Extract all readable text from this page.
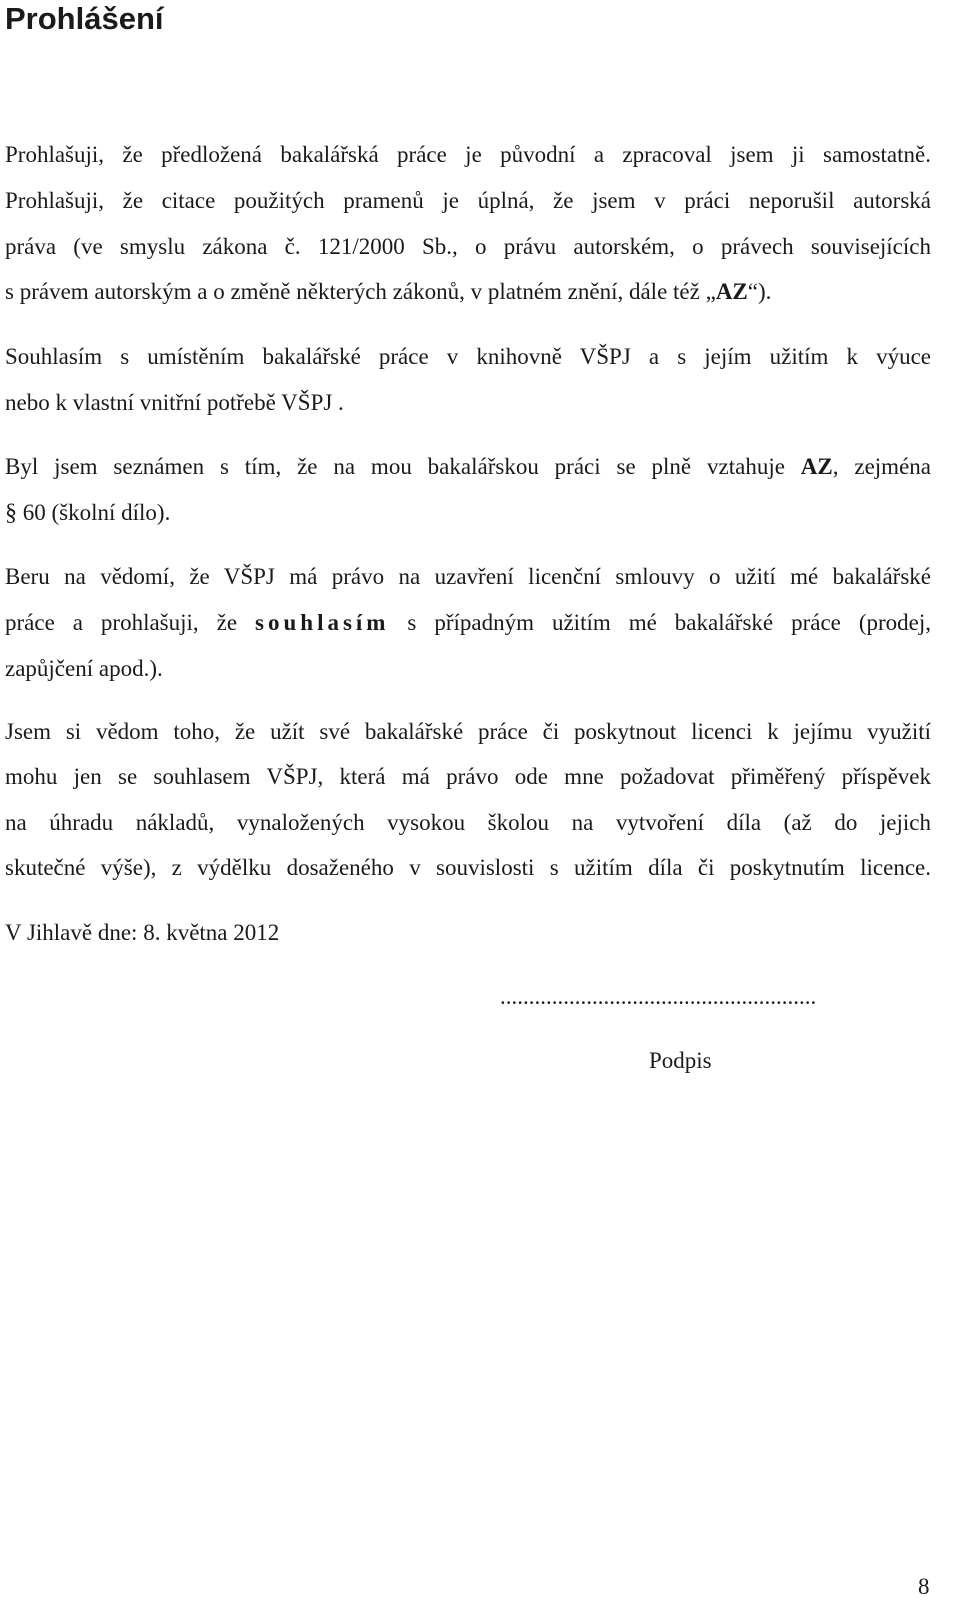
Prohlášení
Prohlašuji, že předložená bakalářská práce je původní a zpracoval jsem ji samostatně.
Prohlašuji, že citace použitých pramenů je úplná, že jsem v práci neporušil autorská
práva (ve smyslu zákona č. 121/2000 Sb., o právu autorském, o právech souvisejících
s právem autorským a o změně některých zákonů, v platném znění, dále též „AZ“).
Souhlasím s umístěním bakalářské práce v knihovně VŠPJ a s jejím užitím k výuce
nebo k vlastní vnitřní potřebě VŠPJ .
Byl jsem seznámen s tím, že na mou bakalářskou práci se plně vztahuje AZ, zejména
§ 60 (školní dílo).
Beru na vědomí, že VŠPJ má právo na uzavření licenční smlouvy o užití mé bakalářské
práce a prohlašuji, že souhlasím s případným užitím mé bakalářské práce (prodej,
zapůjčení apod.).
Jsem si vědom toho, že užít své bakalářské práce či poskytnout licenci k jejímu využití
mohu jen se souhlasem VŠPJ, která má právo ode mne požadovat přiměřený příspěvek
na úhradu nákladů, vynaložených vysokou školou na vytvoření díla (až do jejich
skutečné výše), z výdělku dosaženého v souvislosti s užitím díla či poskytnutím licence.
V Jihlavě dne: 8. května 2012
.......................................................
Podpis
8
